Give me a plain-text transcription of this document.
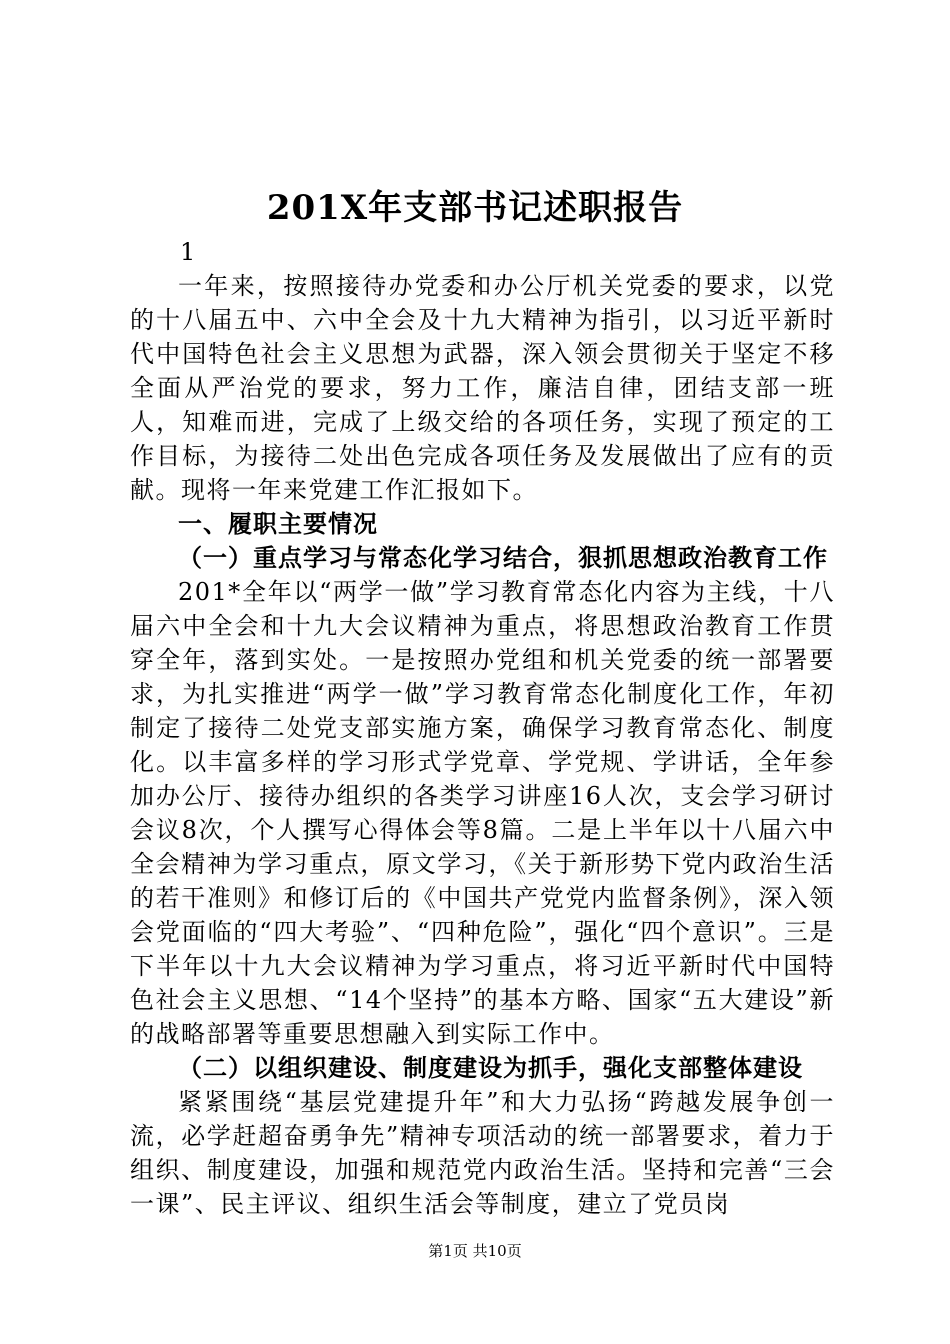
201X年支部书记述职报告

1

一年来，按照接待办党委和办公厅机关党委的要求，以党的十八届五中、六中全会及十九大精神为指引，以习近平新时代中国特色社会主义思想为武器，深入领会贯彻关于坚定不移全面从严治党的要求，努力工作，廉洁自律，团结支部一班人，知难而进，完成了上级交给的各项任务，实现了预定的工作目标，为接待二处出色完成各项任务及发展做出了应有的贡献。现将一年来党建工作汇报如下。

一、履职主要情况
（一）重点学习与常态化学习结合，狠抓思想政治教育工作

201*全年以“两学一做”学习教育常态化内容为主线，十八届六中全会和十九大会议精神为重点，将思想政治教育工作贯穿全年，落到实处。一是按照办党组和机关党委的统一部署要求，为扎实推进“两学一做”学习教育常态化制度化工作，年初制定了接待二处党支部实施方案，确保学习教育常态化、制度化。以丰富多样的学习形式学党章、学党规、学讲话，全年参加办公厅、接待办组织的各类学习讲座16人次，支会学习研讨会议8次，个人撰写心得体会等8篇。二是上半年以十八届六中全会精神为学习重点，原文学习，《关于新形势下党内政治生活的若干准则》和修订后的《中国共产党党内监督条例》，深入领会党面临的“四大考验”、“四种危险”，强化“四个意识”。三是下半年以十九大会议精神为学习重点，将习近平新时代中国特色社会主义思想、“14个坚持”的基本方略、国家“五大建设”新的战略部署等重要思想融入到实际工作中。

（二）以组织建设、制度建设为抓手，强化支部整体建设

紧紧围绕“基层党建提升年”和大力弘扬“跨越发展争创一流，必学赶超奋勇争先”精神专项活动的统一部署要求，着力于组织、制度建设，加强和规范党内政治生活。坚持和完善“三会一课”、民主评议、组织生活会等制度，建立了党员岗

第1页 共10页
